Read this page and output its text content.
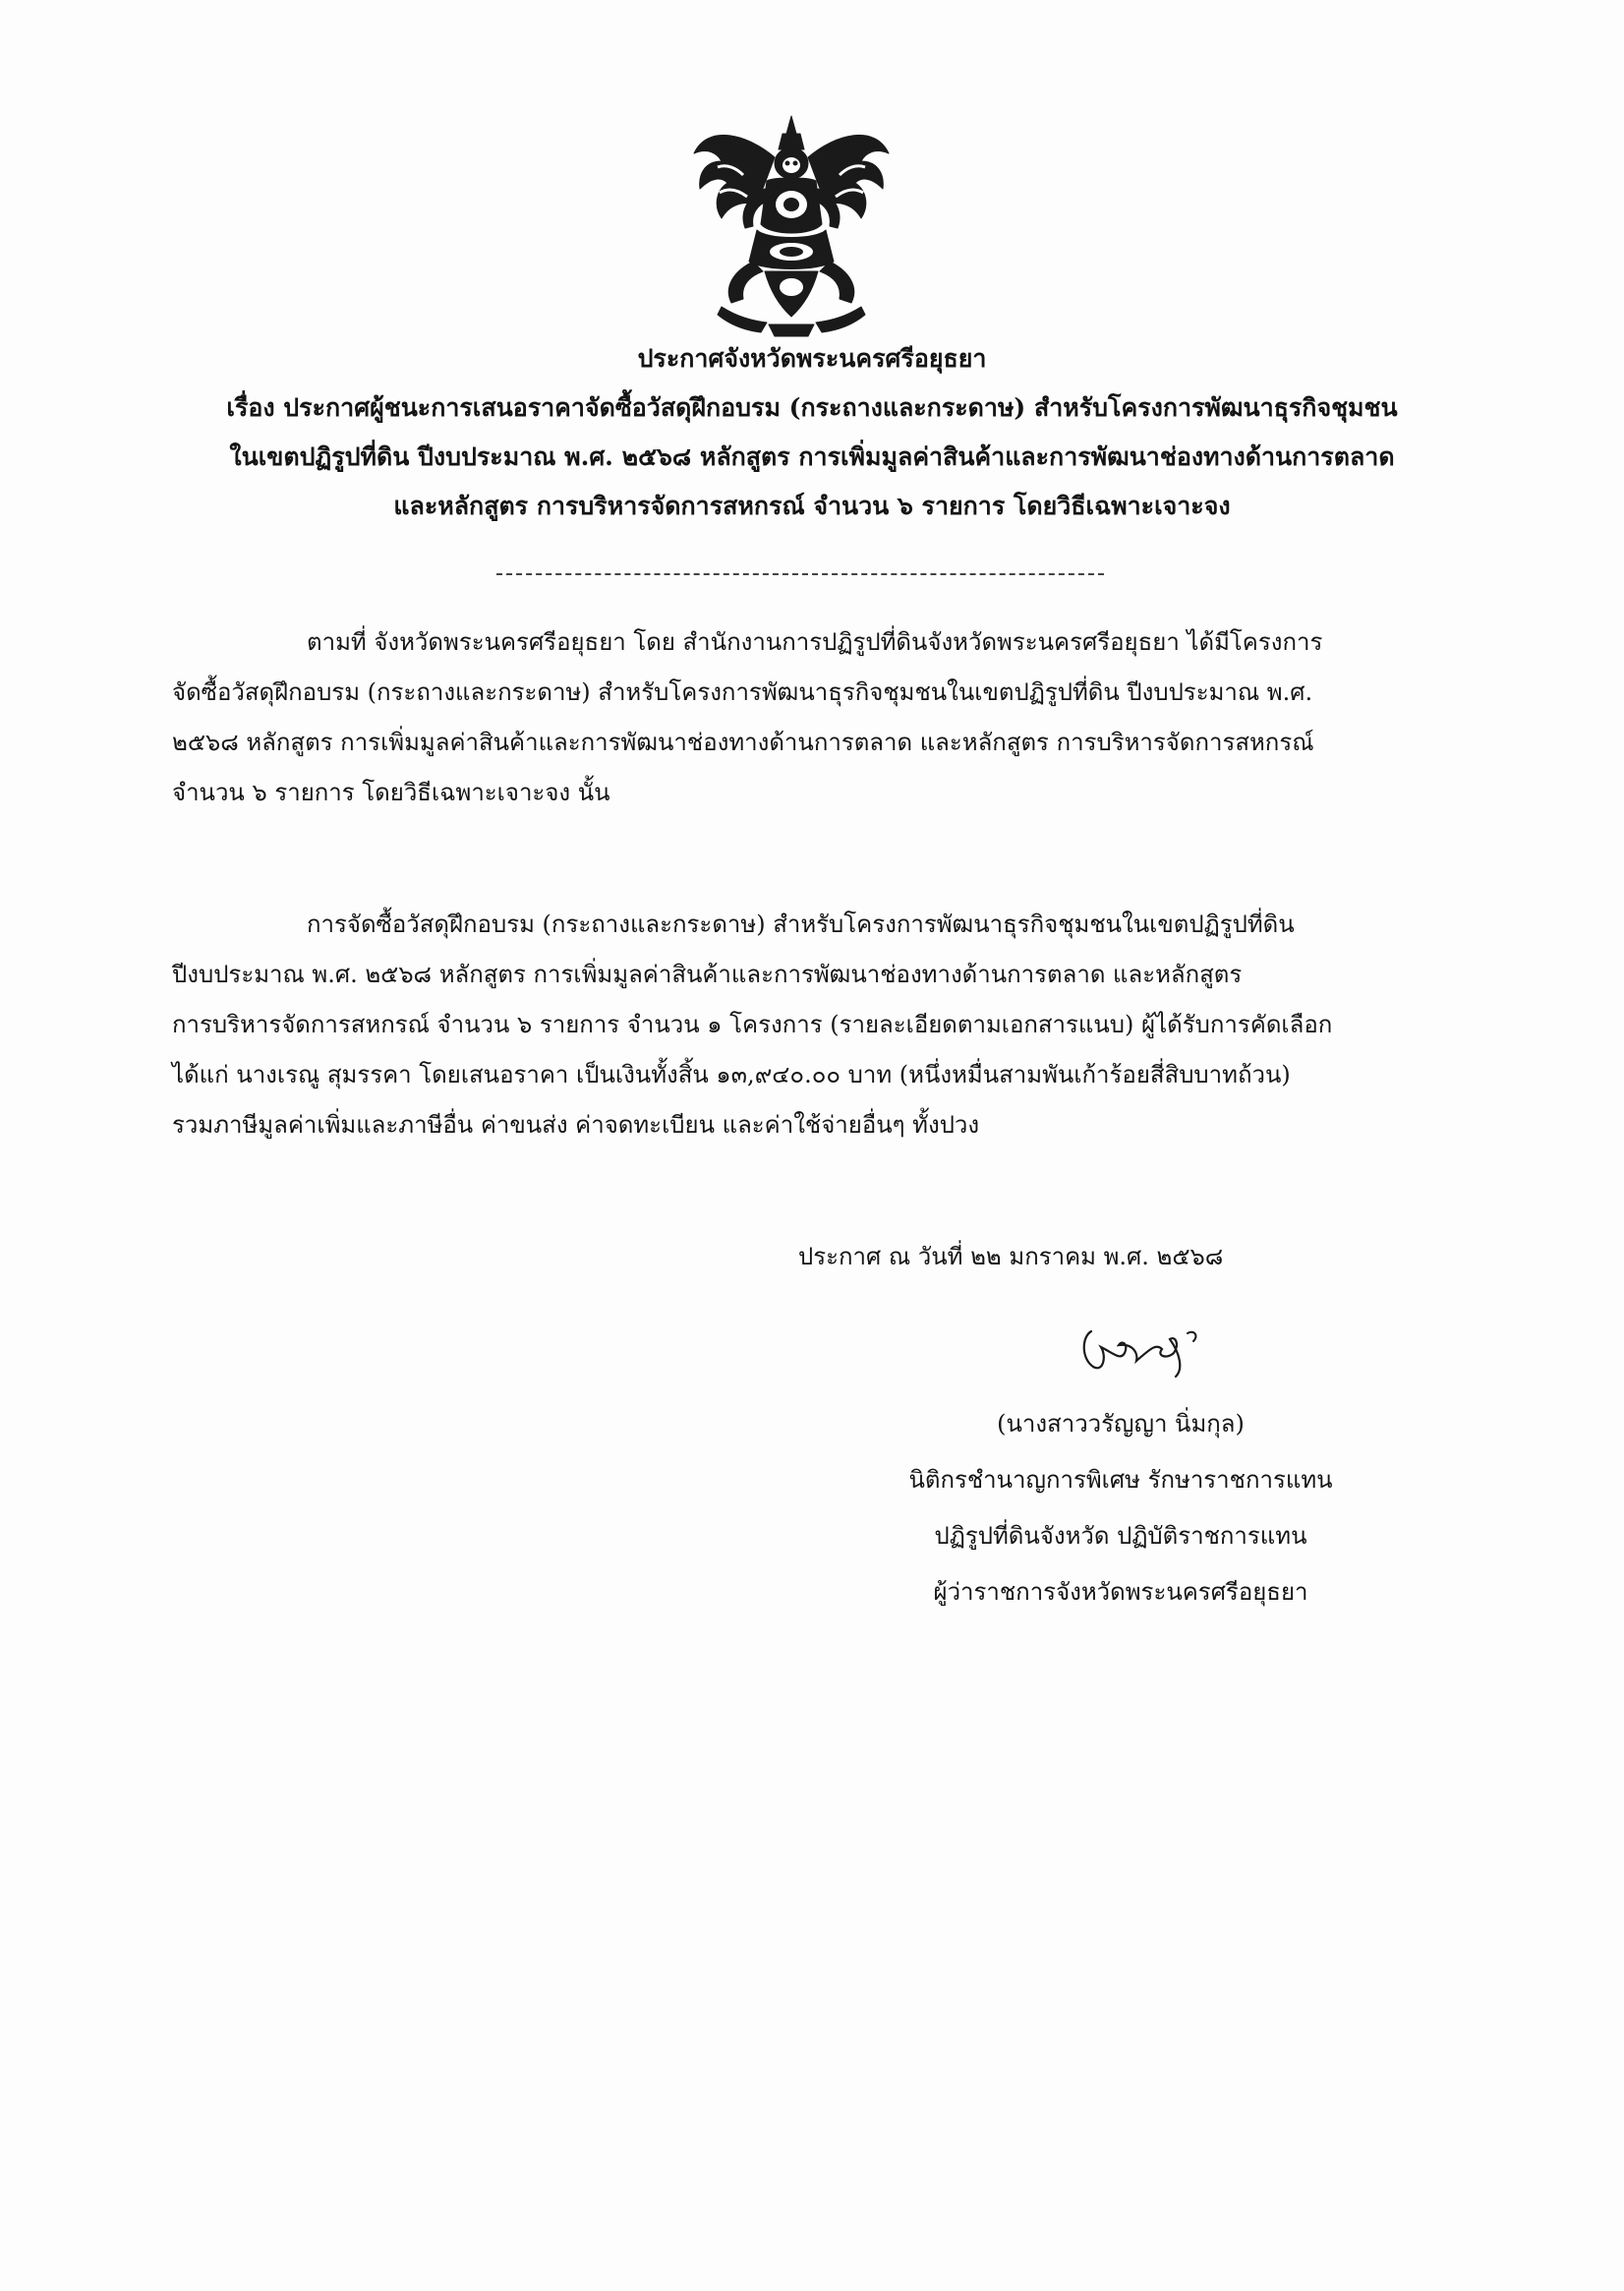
ประกาศจังหวัดพระนครศรีอยุธยา
เรื่อง ประกาศผู้ชนะการเสนอราคาจัดซื้อวัสดุฝึกอบรม (กระถางและกระดาษ) สำหรับโครงการพัฒนาธุรกิจชุมชน
ในเขตปฏิรูปที่ดิน ปีงบประมาณ พ.ศ. ๒๕๖๘ หลักสูตร การเพิ่มมูลค่าสินค้าและการพัฒนาช่องทางด้านการตลาด
และหลักสูตร การบริหารจัดการสหกรณ์ จำนวน ๖ รายการ โดยวิธีเฉพาะเจาะจง
ตามที่ จังหวัดพระนครศรีอยุธยา โดย สำนักงานการปฏิรูปที่ดินจังหวัดพระนครศรีอยุธยา ได้มีโครงการ
จัดซื้อวัสดุฝึกอบรม (กระถางและกระดาษ) สำหรับโครงการพัฒนาธุรกิจชุมชนในเขตปฏิรูปที่ดิน ปีงบประมาณ พ.ศ.
๒๕๖๘ หลักสูตร การเพิ่มมูลค่าสินค้าและการพัฒนาช่องทางด้านการตลาด และหลักสูตร การบริหารจัดการสหกรณ์
จำนวน ๖ รายการ โดยวิธีเฉพาะเจาะจง นั้น
การจัดซื้อวัสดุฝึกอบรม (กระถางและกระดาษ) สำหรับโครงการพัฒนาธุรกิจชุมชนในเขตปฏิรูปที่ดิน
ปีงบประมาณ พ.ศ. ๒๕๖๘ หลักสูตร การเพิ่มมูลค่าสินค้าและการพัฒนาช่องทางด้านการตลาด และหลักสูตร
การบริหารจัดการสหกรณ์ จำนวน ๖ รายการ จำนวน ๑ โครงการ (รายละเอียดตามเอกสารแนบ) ผู้ได้รับการคัดเลือก
ได้แก่ นางเรณู สุมรรคา โดยเสนอราคา เป็นเงินทั้งสิ้น ๑๓,๙๔๐.๐๐ บาท (หนึ่งหมื่นสามพันเก้าร้อยสี่สิบบาทถ้วน)
รวมภาษีมูลค่าเพิ่มและภาษีอื่น ค่าขนส่ง ค่าจดทะเบียน และค่าใช้จ่ายอื่นๆ ทั้งปวง
ประกาศ ณ วันที่ ๒๒ มกราคม พ.ศ. ๒๕๖๘
(นางสาววรัญญา นิ่มกุล)
นิติกรชำนาญการพิเศษ รักษาราชการแทน
ปฏิรูปที่ดินจังหวัด ปฏิบัติราชการแทน
ผู้ว่าราชการจังหวัดพระนครศรีอยุธยา
